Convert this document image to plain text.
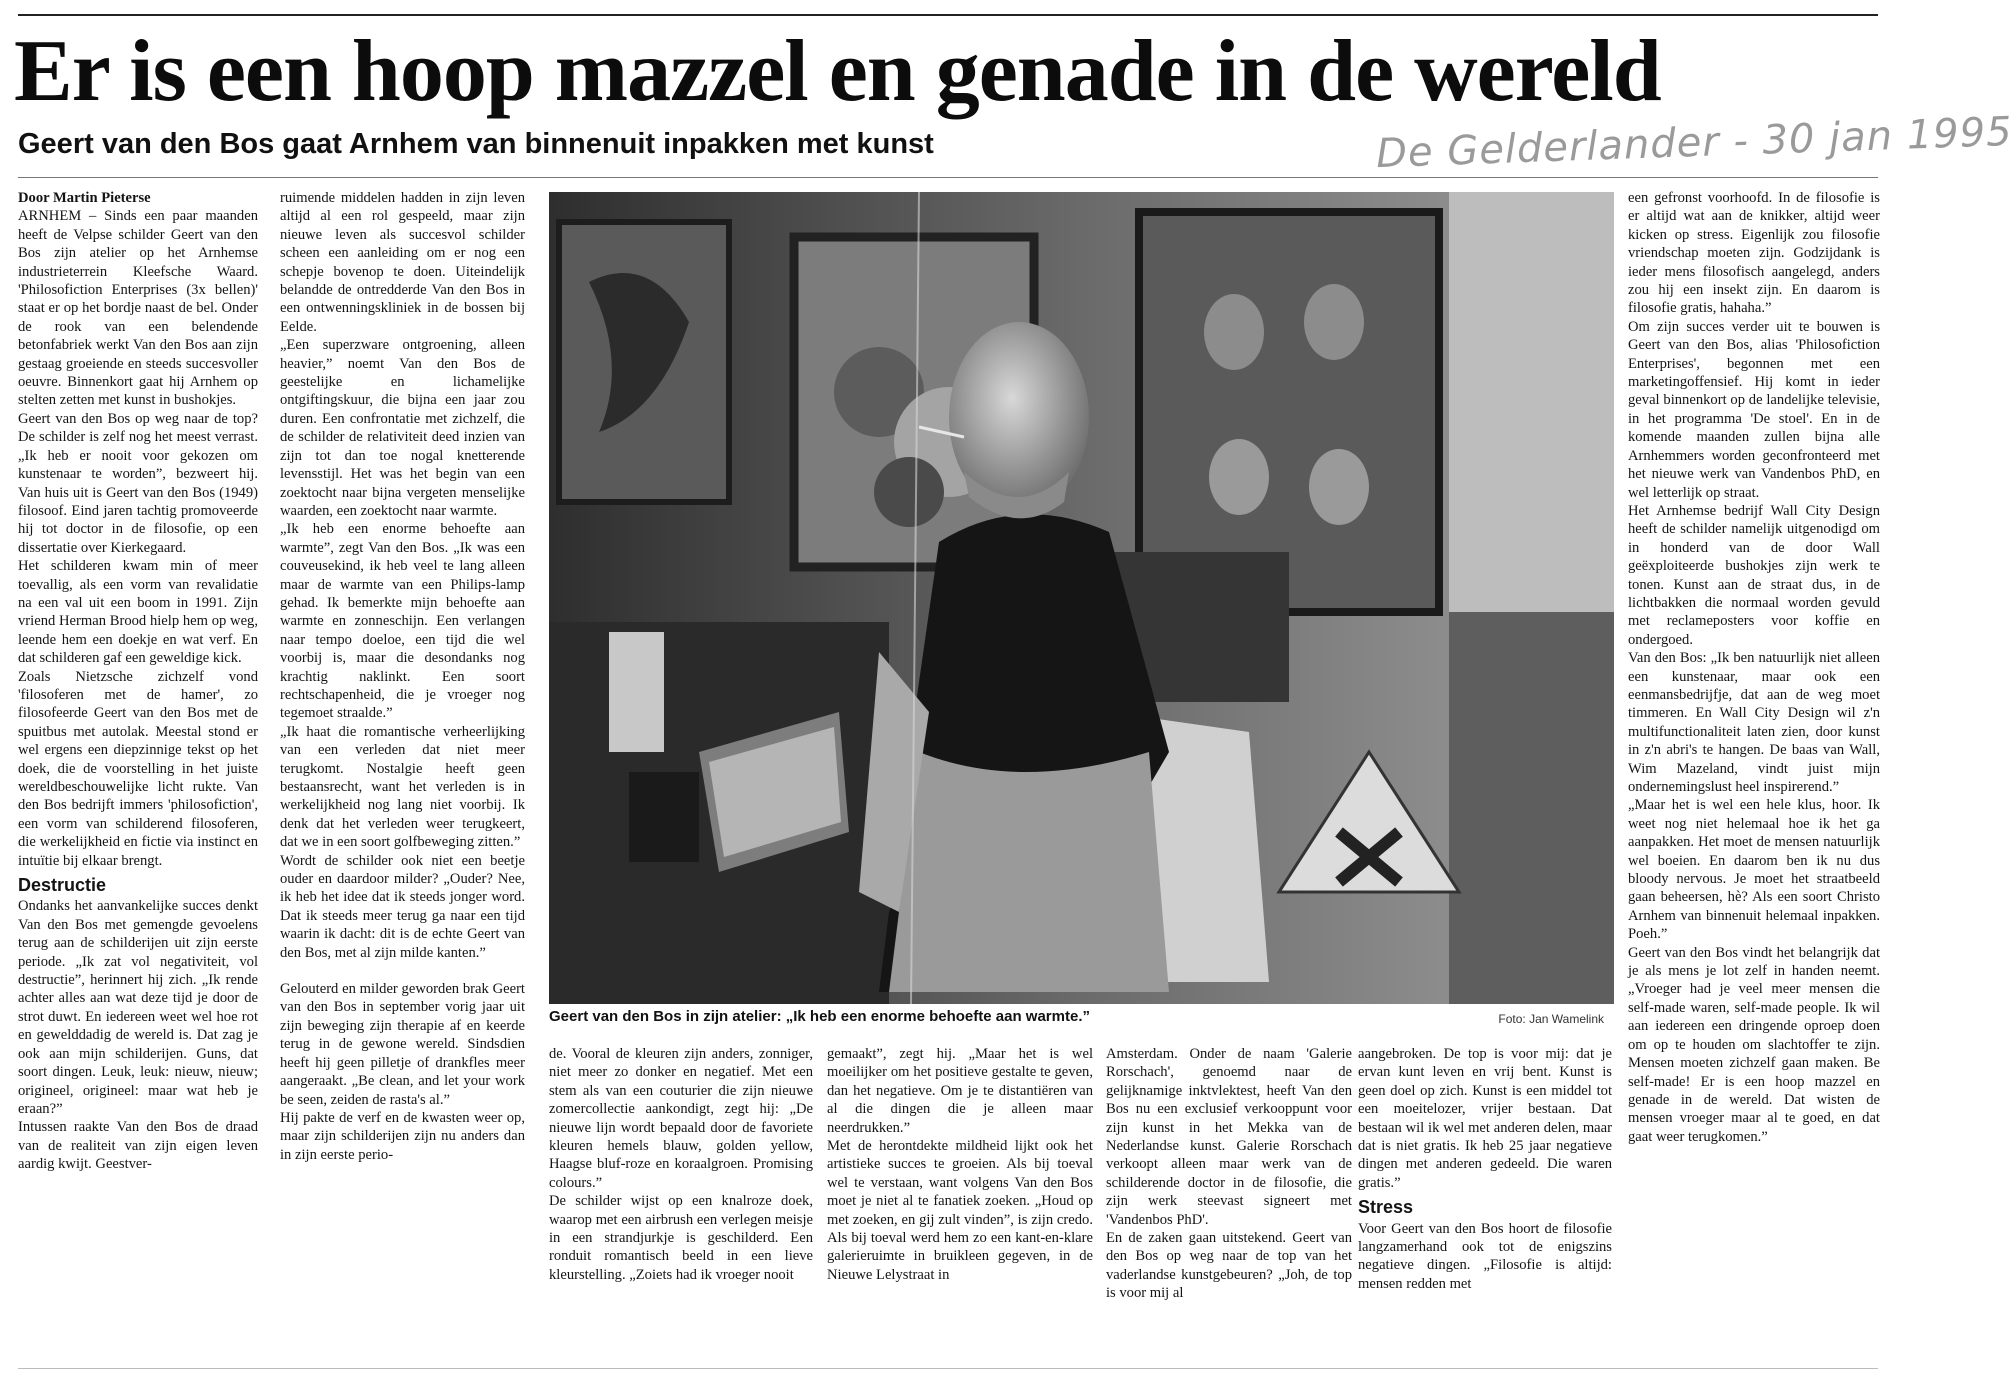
Er is een hoop mazzel en genade in de wereld
Geert van den Bos gaat Arnhem van binnenuit inpakken met kunst	De Gelderlander - 30 jan 1995

Door Martin Pieterse

ARNHEM – Sinds een paar maanden heeft de Velpse schilder Geert van den Bos zijn atelier op het Arnhemse industrieterrein Kleefsche Waard. 'Philosofiction Enterprises (3x bellen)' staat er op het bordje naast de bel. Onder de rook van een belendende betonfabriek werkt Van den Bos aan zijn gestaag groeiende en steeds succesvoller oeuvre. Binnenkort gaat hij Arnhem op stelten zetten met kunst in bushokjes.

Geert van den Bos op weg naar de top? De schilder is zelf nog het meest verrast. „Ik heb er nooit voor gekozen om kunstenaar te worden”, bezweert hij. Van huis uit is Geert van den Bos (1949) filosoof. Eind jaren tachtig promoveerde hij tot doctor in de filosofie, op een dissertatie over Kierkegaard.

Het schilderen kwam min of meer toevallig, als een vorm van revalidatie na een val uit een boom in 1991. Zijn vriend Herman Brood hielp hem op weg, leende hem een doekje en wat verf. En dat schilderen gaf een geweldige kick.

Zoals Nietzsche zichzelf vond 'filosoferen met de hamer', zo filosofeerde Geert van den Bos met de spuitbus met autolak. Meestal stond er wel ergens een diepzinnige tekst op het doek, die de voorstelling in het juiste wereldbeschouwelijke licht rukte. Van den Bos bedrijft immers 'philosofiction', een vorm van schilderend filosoferen, die werkelijkheid en fictie via instinct en intuïtie bij elkaar brengt.

Destructie

Ondanks het aanvankelijke succes denkt Van den Bos met gemengde gevoelens terug aan de schilderijen uit zijn eerste periode. „Ik zat vol negativiteit, vol destructie”, herinnert hij zich. „Ik rende achter alles aan wat deze tijd je door de strot duwt. En iedereen weet wel hoe rot en gewelddadig de wereld is. Dat zag je ook aan mijn schilderijen. Guns, dat soort dingen. Leuk, leuk: nieuw, nieuw; origineel, origineel: maar wat heb je eraan?”

Intussen raakte Van den Bos de draad van de realiteit van zijn eigen leven aardig kwijt. Geestver-

ruimende middelen hadden in zijn leven altijd al een rol gespeeld, maar zijn nieuwe leven als succesvol schilder scheen een aanleiding om er nog een schepje bovenop te doen. Uiteindelijk belandde de ontredderde Van den Bos in een ontwenningskliniek in de bossen bij Eelde.

„Een superzware ontgroening, alleen heavier,” noemt Van den Bos de geestelijke en lichamelijke ontgiftingskuur, die bijna een jaar zou duren. Een confrontatie met zichzelf, die de schilder de relativiteit deed inzien van zijn tot dan toe nogal knetterende levensstijl. Het was het begin van een zoektocht naar bijna vergeten menselijke waarden, een zoektocht naar warmte.

„Ik heb een enorme behoefte aan warmte”, zegt Van den Bos. „Ik was een couveusekind, ik heb veel te lang alleen maar de warmte van een Philips-lamp gehad. Ik bemerkte mijn behoefte aan warmte en zonneschijn. Een verlangen naar tempo doeloe, een tijd die wel voorbij is, maar die desondanks nog krachtig naklinkt. Een soort rechtschapenheid, die je vroeger nog tegemoet straalde.”

„Ik haat die romantische verheerlijking van een verleden dat niet meer terugkomt. Nostalgie heeft geen bestaansrecht, want het verleden is in werkelijkheid nog lang niet voorbij. Ik denk dat het verleden weer terugkeert, dat we in een soort golfbeweging zitten.”

Wordt de schilder ook niet een beetje ouder en daardoor milder? „Ouder? Nee, ik heb het idee dat ik steeds jonger word. Dat ik steeds meer terug ga naar een tijd waarin ik dacht: dit is de echte Geert van den Bos, met al zijn milde kanten.”

Gelouterd en milder geworden brak Geert van den Bos in september vorig jaar uit zijn beweging zijn therapie af en keerde terug in de gewone wereld. Sindsdien heeft hij geen pilletje of drankfles meer aangeraakt. „Be clean, and let your work be seen, zeiden de rasta's al.”

Hij pakte de verf en de kwasten weer op, maar zijn schilderijen zijn nu anders dan in zijn eerste perio-

Geert van den Bos in zijn atelier: „Ik heb een enorme behoefte aan warmte.”	Foto: Jan Wamelink

de. Vooral de kleuren zijn anders, zonniger, niet meer zo donker en negatief. Met een stem als van een couturier die zijn nieuwe zomercollectie aankondigt, zegt hij: „De nieuwe lijn wordt bepaald door de favoriete kleuren hemels blauw, golden yellow, Haagse bluf-roze en koraalgroen. Promising colours.”

De schilder wijst op een knalroze doek, waarop met een airbrush een verlegen meisje in een strandjurkje is geschilderd. Een ronduit romantisch beeld in een lieve kleurstelling. „Zoiets had ik vroeger nooit

gemaakt”, zegt hij. „Maar het is wel moeilijker om het positieve gestalte te geven, dan het negatieve. Om je te distantiëren van al die dingen die je alleen maar neerdrukken.”

Met de herontdekte mildheid lijkt ook het artistieke succes te groeien. Als bij toeval wel te verstaan, want volgens Van den Bos moet je niet al te fanatiek zoeken. „Houd op met zoeken, en gij zult vinden”, is zijn credo. Als bij toeval werd hem zo een kant-en-klare galerieruimte in bruikleen gegeven, in de Nieuwe Lelystraat in

Amsterdam. Onder de naam 'Galerie Rorschach', genoemd naar de gelijknamige inktvlektest, heeft Van den Bos nu een exclusief verkooppunt voor zijn kunst in het Mekka van de Nederlandse kunst. Galerie Rorschach verkoopt alleen maar werk van de schilderende doctor in de filosofie, die zijn werk steevast signeert met 'Vandenbos PhD'.

En de zaken gaan uitstekend. Geert van den Bos op weg naar de top van het vaderlandse kunstgebeuren? „Joh, de top is voor mij al

aangebroken. De top is voor mij: dat je ervan kunt leven en vrij bent. Kunst is geen doel op zich. Kunst is een middel tot een moeitelozer, vrijer bestaan. Dat bestaan wil ik wel met anderen delen, maar dat is niet gratis. Ik heb 25 jaar negatieve dingen met anderen gedeeld. Die waren gratis.”

Stress

Voor Geert van den Bos hoort de filosofie langzamerhand ook tot de enigszins negatieve dingen. „Filosofie is altijd: mensen redden met

een gefronst voorhoofd. In de filosofie is er altijd wat aan de knikker, altijd weer kicken op stress. Eigenlijk zou filosofie vriendschap moeten zijn. Godzijdank is ieder mens filosofisch aangelegd, anders zou hij een insekt zijn. En daarom is filosofie gratis, hahaha.”

Om zijn succes verder uit te bouwen is Geert van den Bos, alias 'Philosofiction Enterprises', begonnen met een marketingoffensief. Hij komt in ieder geval binnenkort op de landelijke televisie, in het programma 'De stoel'. En in de komende maanden zullen bijna alle Arnhemmers worden geconfronteerd met het nieuwe werk van Vandenbos PhD, en wel letterlijk op straat.

Het Arnhemse bedrijf Wall City Design heeft de schilder namelijk uitgenodigd om in honderd van de door Wall geëxploiteerde bushokjes zijn werk te tonen. Kunst aan de straat dus, in de lichtbakken die normaal worden gevuld met reclameposters voor koffie en ondergoed.

Van den Bos: „Ik ben natuurlijk niet alleen een kunstenaar, maar ook een eenmansbedrijfje, dat aan de weg moet timmeren. En Wall City Design wil z'n multifunctionaliteit laten zien, door kunst in z'n abri's te hangen. De baas van Wall, Wim Mazeland, vindt juist mijn ondernemingslust heel inspirerend.”

„Maar het is wel een hele klus, hoor. Ik weet nog niet helemaal hoe ik het ga aanpakken. Het moet de mensen natuurlijk wel boeien. En daarom ben ik nu dus bloody nervous. Je moet het straatbeeld gaan beheersen, hè? Als een soort Christo Arnhem van binnenuit helemaal inpakken. Poeh.”

Geert van den Bos vindt het belangrijk dat je als mens je lot zelf in handen neemt. „Vroeger had je veel meer mensen die self-made waren, self-made people. Ik wil aan iedereen een dringende oproep doen om op te houden om slachtoffer te zijn. Mensen moeten zichzelf gaan maken. Be self-made! Er is een hoop mazzel en genade in de wereld. Dat wisten de mensen vroeger maar al te goed, en dat gaat weer terugkomen.”
